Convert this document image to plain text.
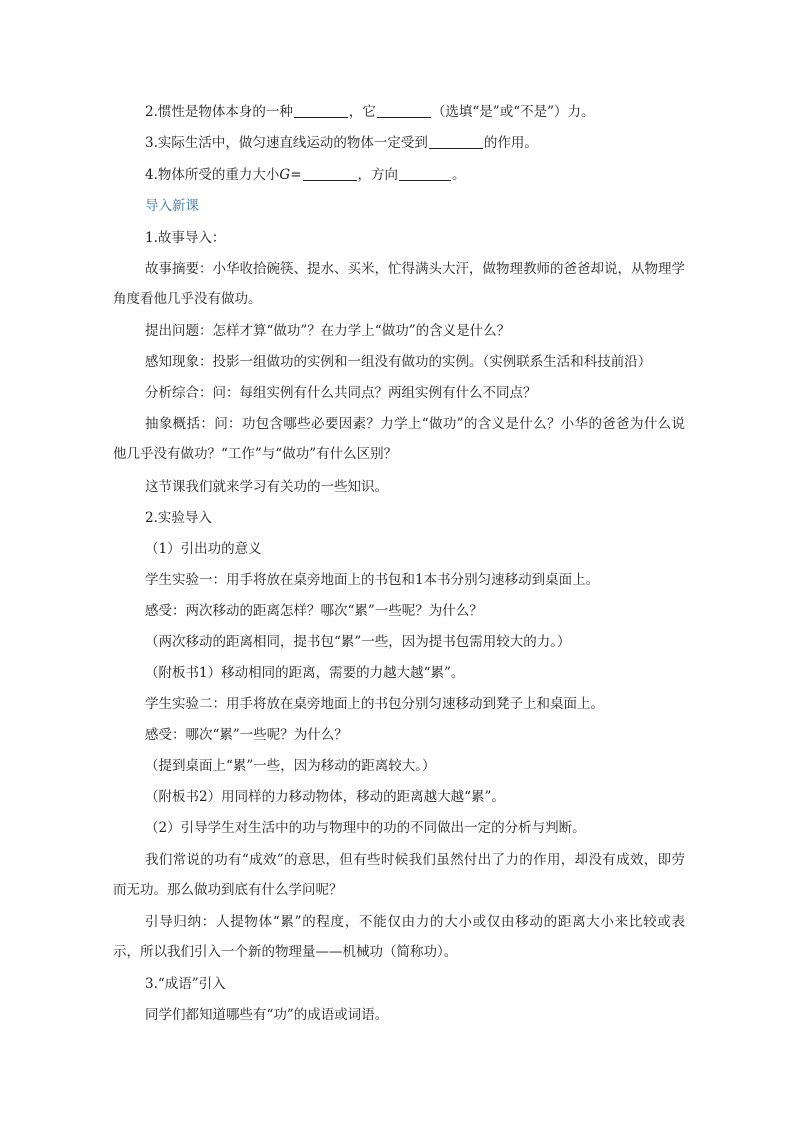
2.惯性是物体本身的一种	，它	（选填“是”或“不是”）力。

3.实际生活中，做匀速直线运动的物体一定受到	的作用。

4.物体所受的重力大小G=	，方向	。

导入新课

1.故事导入：

故事摘要：小华收拾碗筷、提水、买米，忙得满头大汗，做物理教师的爸爸却说，从物理学角度看他几乎没有做功。

提出问题：怎样才算“做功”？在力学上“做功”的含义是什么？

感知现象：投影一组做功的实例和一组没有做功的实例。（实例联系生活和科技前沿）

分析综合：问：每组实例有什么共同点？两组实例有什么不同点？

抽象概括：问：功包含哪些必要因素？力学上“做功”的含义是什么？小华的爸爸为什么说他几乎没有做功？“工作”与“做功”有什么区别？

这节课我们就来学习有关功的一些知识。

2.实验导入

（1）引出功的意义

学生实验一：用手将放在桌旁地面上的书包和1本书分别匀速移动到桌面上。

感受：两次移动的距离怎样？哪次“累”一些呢？为什么？

（两次移动的距离相同，提书包“累”一些，因为提书包需用较大的力。）

（附板书1）移动相同的距离，需要的力越大越“累”。

学生实验二：用手将放在桌旁地面上的书包分别匀速移动到凳子上和桌面上。

感受：哪次“累”一些呢？为什么？

（提到桌面上“累”一些，因为移动的距离较大。）

（附板书2）用同样的力移动物体，移动的距离越大越“累”。

（2）引导学生对生活中的功与物理中的功的不同做出一定的分析与判断。

我们常说的功有“成效”的意思，但有些时候我们虽然付出了力的作用，却没有成效，即劳而无功。那么做功到底有什么学问呢？

引导归纳：人提物体“累”的程度，不能仅由力的大小或仅由移动的距离大小来比较或表示，所以我们引入一个新的物理量——机械功（简称功）。

3.“成语”引入

同学们都知道哪些有“功”的成语或词语。
